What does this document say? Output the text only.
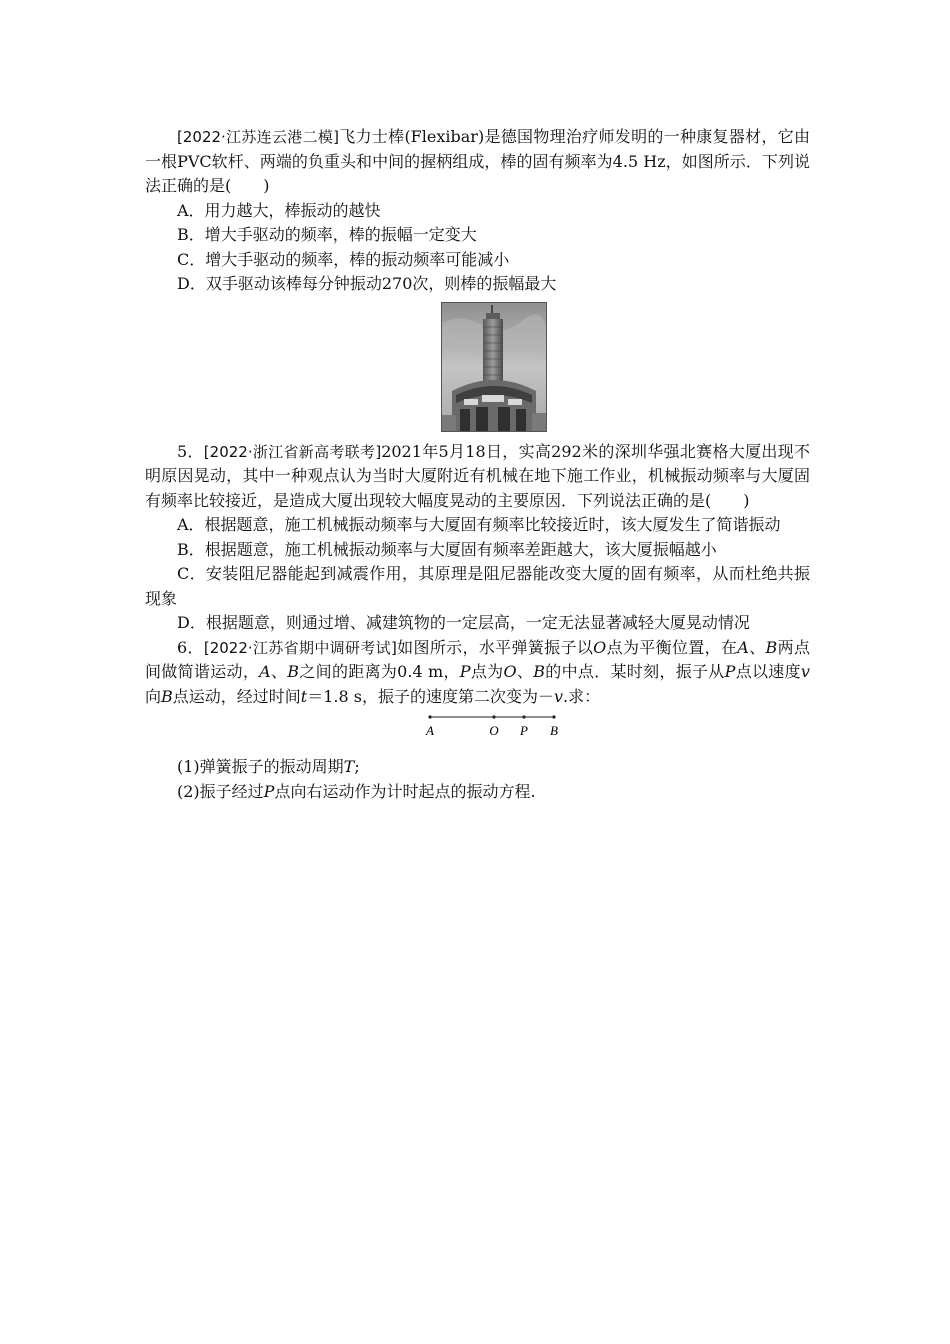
[2022·江苏连云港二模]飞力士棒(Flexibar)是德国物理治疗师发明的一种康复器材，它由一根PVC软杆、两端的负重头和中间的握柄组成，棒的固有频率为4.5 Hz，如图所示．下列说法正确的是(　　)

A．用力越大，棒振动的越快

B．增大手驱动的频率，棒的振幅一定变大

C．增大手驱动的频率，棒的振动频率可能减小

D．双手驱动该棒每分钟振动270次，则棒的振幅最大

5．[2022·浙江省新高考联考]2021年5月18日，实高292米的深圳华强北赛格大厦出现不明原因晃动，其中一种观点认为当时大厦附近有机械在地下施工作业，机械振动频率与大厦固有频率比较接近，是造成大厦出现较大幅度晃动的主要原因．下列说法正确的是(　　)

A．根据题意，施工机械振动频率与大厦固有频率比较接近时，该大厦发生了简谐振动

B．根据题意，施工机械振动频率与大厦固有频率差距越大，该大厦振幅越小

C．安装阻尼器能起到减震作用，其原理是阻尼器能改变大厦的固有频率，从而杜绝共振现象

D．根据题意，则通过增、减建筑物的一定层高，一定无法显著减轻大厦晃动情况

6．[2022·江苏省期中调研考试]如图所示，水平弹簧振子以O点为平衡位置，在A、B两点间做简谐运动，A、B之间的距离为0.4 m，P点为O、B的中点．某时刻，振子从P点以速度v向B点运动，经过时间t＝1.8 s，振子的速度第二次变为－v.求：

A	O P B

(1)弹簧振子的振动周期T;

(2)振子经过P点向右运动作为计时起点的振动方程.
